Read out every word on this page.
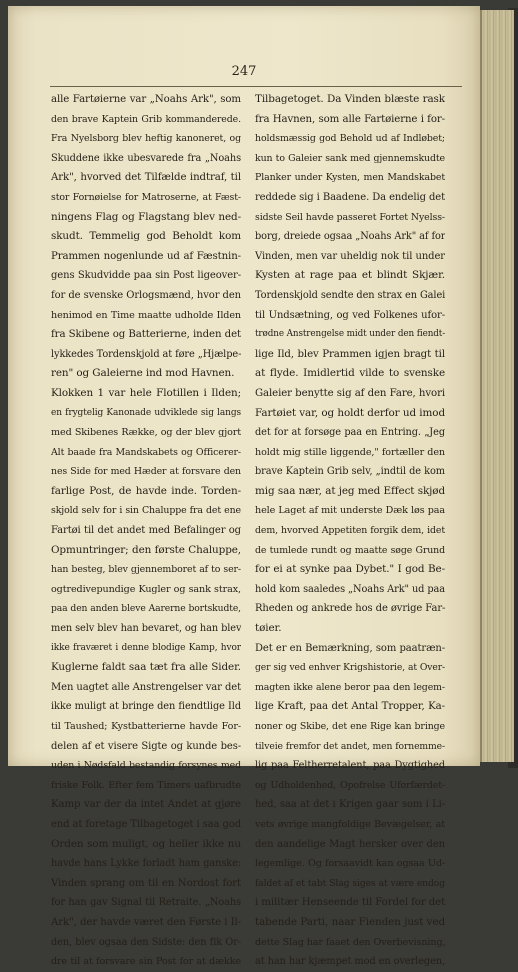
247
alle Fartøierne var „Noahs Ark", som
den brave Kaptein Grib kommanderede.
Fra Nyelsborg blev heftig kanoneret, og
Skuddene ikke ubesvarede fra „Noahs
Ark", hvorved det Tilfælde indtraf, til
stor Fornøielse for Matroserne, at Fæst-
ningens Flag og Flagstang blev ned-
skudt. Temmelig god Beholdt kom
Prammen nogenlunde ud af Fæstnin-
gens Skudvidde paa sin Post ligeover-
for de svenske Orlogsmænd, hvor den
henimod en Time maatte udholde Ilden
fra Skibene og Batterierne, inden det
lykkedes Tordenskjold at føre „Hjælpe-
ren" og Galeierne ind mod Havnen.
Klokken 1 var hele Flotillen i Ilden;
en frygtelig Kanonade udviklede sig langs
med Skibenes Række, og der blev gjort
Alt baade fra Mandskabets og Officerer-
nes Side for med Hæder at forsvare den
farlige Post, de havde inde. Torden-
skjold selv for i sin Chaluppe fra det ene
Fartøi til det andet med Befalinger og
Opmuntringer; den første Chaluppe,
han besteg, blev gjennemboret af to ser-
ogtredivepundige Kugler og sank strax,
paa den anden bleve Aarerne bortskudte,
men selv blev han bevaret, og han blev
ikke fraværet i denne blodige Kamp, hvor
Kuglerne faldt saa tæt fra alle Sider.
Men uagtet alle Anstrengelser var det
ikke muligt at bringe den fiendtlige Ild
til Taushed; Kystbatterierne havde For-
delen af et visere Sigte og kunde bes-
uden i Nødsfald bestandig forsynes med
friske Folk. Efter fem Timers uafbrudte
Kamp var der da intet Andet at gjøre
end at foretage Tilbagetoget i saa god
Orden som muligt, og heller ikke nu
havde hans Lykke forladt ham ganske:
Vinden sprang om til en Nordost fort
for han gav Signal til Retraite. „Noahs
Ark", der havde været den Første i Il-
den, blev ogsaa den Sidste: den fik Or-
dre til at forsvare sin Post for at dække
Tilbagetoget. Da Vinden blæste rask
fra Havnen, som alle Fartøierne i for-
holdsmæssig god Behold ud af Indløbet;
kun to Galeier sank med gjennemskudte
Planker under Kysten, men Mandskabet
reddede sig i Baadene. Da endelig det
sidste Seil havde passeret Fortet Nyelss-
borg, dreiede ogsaa „Noahs Ark" af for
Vinden, men var uheldig nok til under
Kysten at rage paa et blindt Skjær.
Tordenskjold sendte den strax en Galei
til Undsætning, og ved Folkenes ufor-
trødne Anstrengelse midt under den fiendt-
lige Ild, blev Prammen igjen bragt til
at flyde. Imidlertid vilde to svenske
Galeier benytte sig af den Fare, hvori
Fartøiet var, og holdt derfor ud imod
det for at forsøge paa en Entring. „Jeg
holdt mig stille liggende," fortæller den
brave Kaptein Grib selv, „indtil de kom
mig saa nær, at jeg med Effect skjød
hele Laget af mit underste Dæk løs paa
dem, hvorved Appetiten forgik dem, idet
de tumlede rundt og maatte søge Grund
for ei at synke paa Dybet." I god Be-
hold kom saaledes „Noahs Ark" ud paa
Rheden og ankrede hos de øvrige Far-
tøier.
Det er en Bemærkning, som paatræn-
ger sig ved enhver Krigshistorie, at Over-
magten ikke alene beror paa den legem-
lige Kraft, paa det Antal Tropper, Ka-
noner og Skibe, det ene Rige kan bringe
tilveie fremfor det andet, men fornemme-
lig paa Feltherretalent, paa Dygtighed
og Udholdenhed, Opofrelse Uforfærdet-
hed, saa at det i Krigen gaar som i Li-
vets øvrige mangfoldige Bevægelser, at
den aandelige Magt hersker over den
legemlige. Og forsaavidt kan ogsaa Ud-
faldet af et tabt Slag siges at være endog
i militær Henseende til Fordel for det
tabende Parti, naar Fienden just ved
dette Slag har faaet den Overbevisning,
at han har kjæmpet mod en overlegen,
